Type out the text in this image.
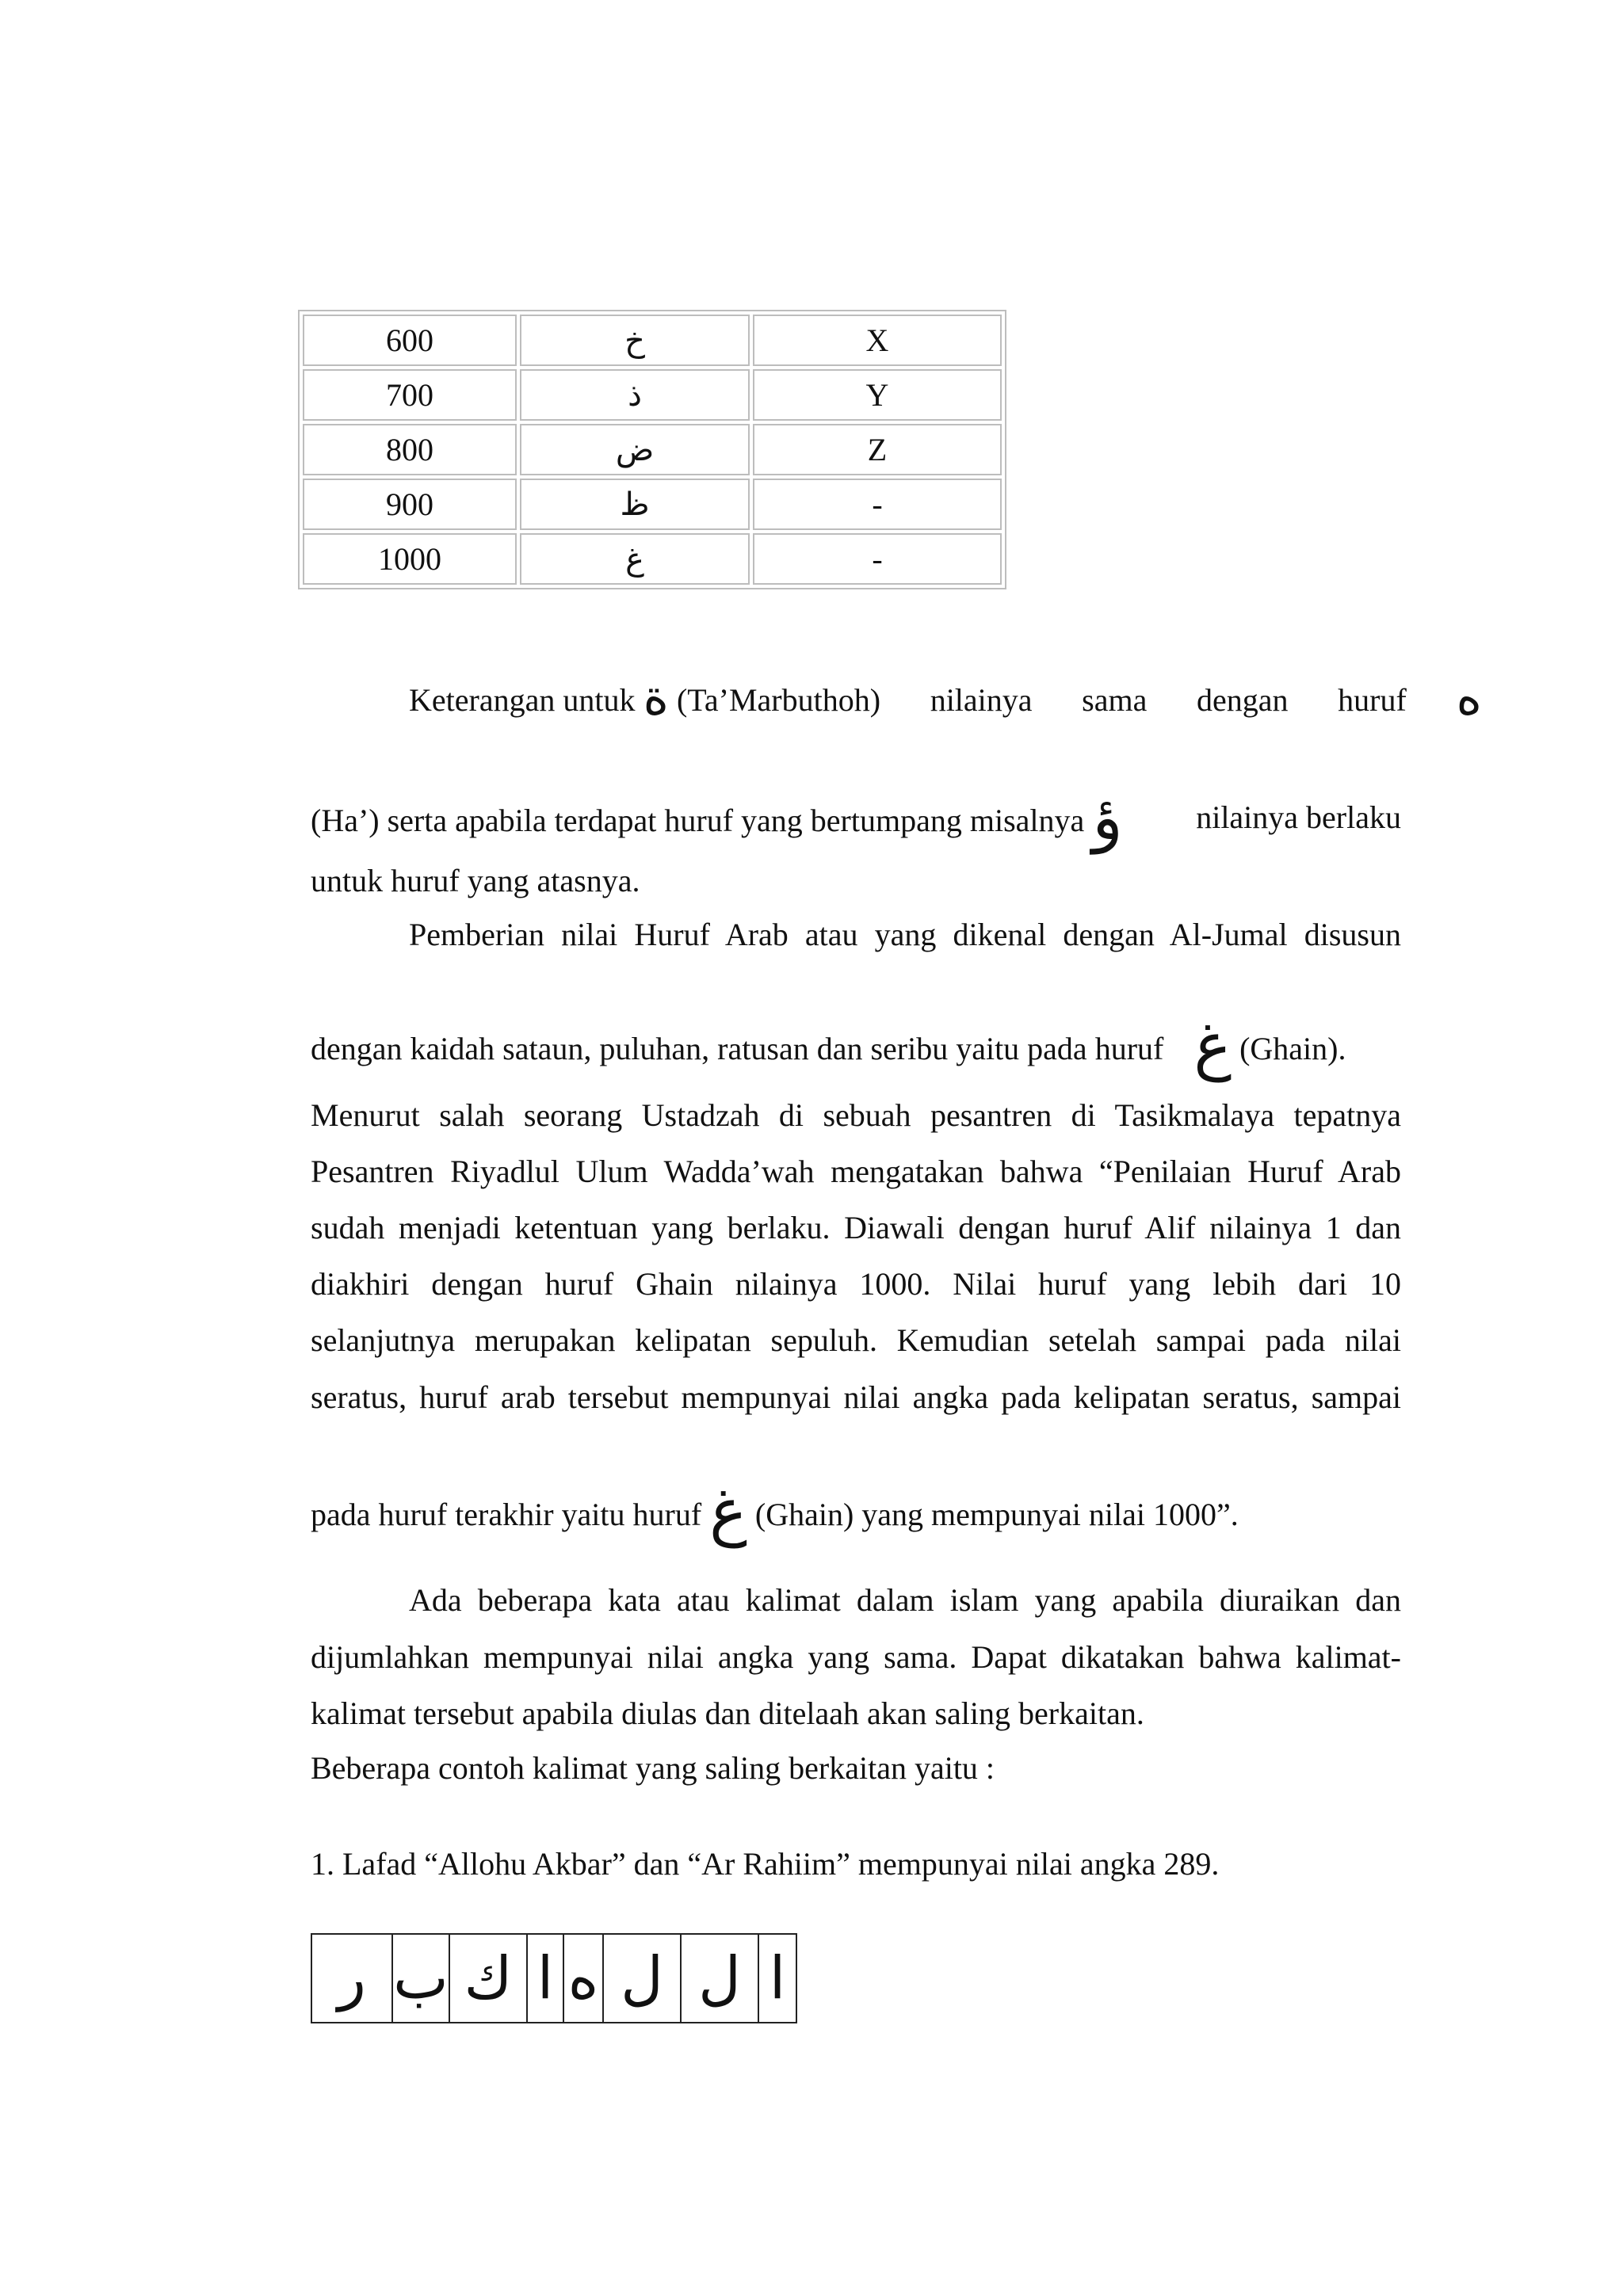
600	خ	X
700	ذ	Y
800	ض	Z
900	ظ	-
1000	غ	-
Keterangan untuk ة (Ta’Marbuthoh) nilainya sama dengan huruf ه
(Ha’) serta apabila terdapat huruf yang bertumpang misalnya ؤ nilainya berlaku
untuk huruf yang atasnya.
Pemberian nilai Huruf Arab atau yang dikenal dengan Al-Jumal disusun
dengan kaidah sataun, puluhan, ratusan dan seribu yaitu pada huruf غ (Ghain).
Menurut salah seorang Ustadzah di sebuah pesantren di Tasikmalaya tepatnya
Pesantren Riyadlul Ulum Wadda’wah mengatakan bahwa “Penilaian Huruf Arab
sudah menjadi ketentuan yang berlaku. Diawali dengan huruf Alif nilainya 1 dan
diakhiri dengan huruf Ghain nilainya 1000. Nilai huruf yang lebih dari 10
selanjutnya merupakan kelipatan sepuluh. Kemudian setelah sampai pada nilai
seratus, huruf arab tersebut mempunyai nilai angka pada kelipatan seratus, sampai
pada huruf terakhir yaitu huruf غ (Ghain) yang mempunyai nilai 1000”.
Ada beberapa kata atau kalimat dalam islam yang apabila diuraikan dan
dijumlahkan mempunyai nilai angka yang sama. Dapat dikatakan bahwa kalimat-
kalimat tersebut apabila diulas dan ditelaah akan saling berkaitan.
Beberapa contoh kalimat yang saling berkaitan yaitu :
1. Lafad “Allohu Akbar” dan “Ar Rahiim” mempunyai nilai angka 289.
ر	ب	ك	ا	ه	ل	ل	ا
